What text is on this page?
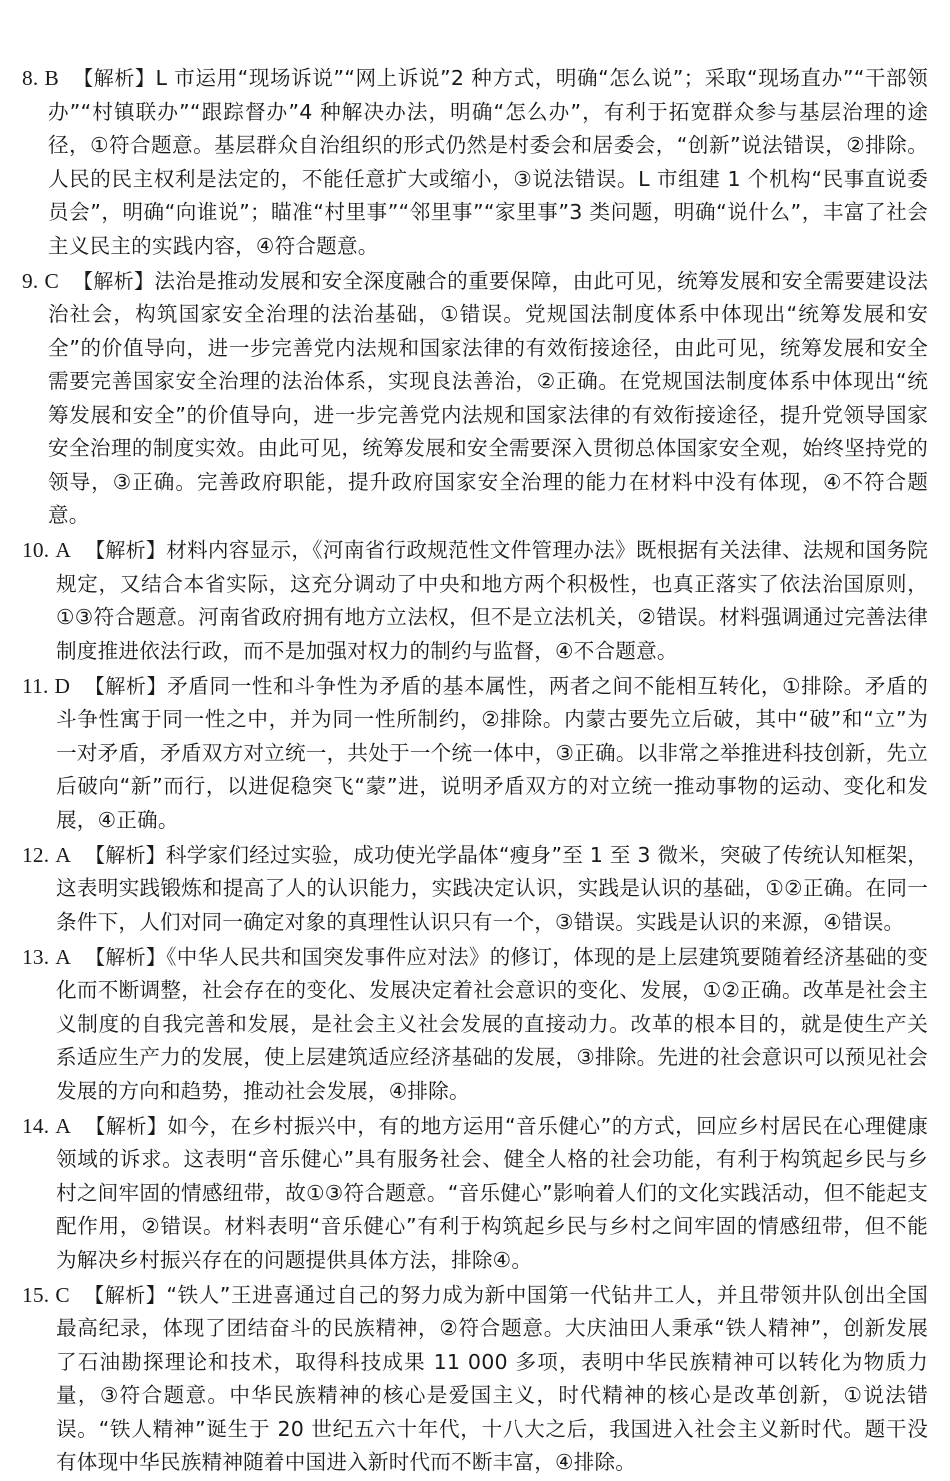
8. B 【解析】L 市运用“现场诉说”“网上诉说”2 种方式，明确“怎么说”；采取“现场直办”“干部领办”“村镇联办”“跟踪督办”4 种解决办法，明确“怎么办”，有利于拓宽群众参与基层治理的途径，①符合题意。基层群众自治组织的形式仍然是村委会和居委会，“创新”说法错误，②排除。人民的民主权利是法定的，不能任意扩大或缩小，③说法错误。L 市组建 1 个机构“民事直说委员会”，明确“向谁说”；瞄准“村里事”“邻里事”“家里事”3 类问题，明确“说什么”，丰富了社会主义民主的实践内容，④符合题意。

9. C 【解析】法治是推动发展和安全深度融合的重要保障，由此可见，统筹发展和安全需要建设法治社会，构筑国家安全治理的法治基础，①错误。党规国法制度体系中体现出“统筹发展和安全”的价值导向，进一步完善党内法规和国家法律的有效衔接途径，由此可见，统筹发展和安全需要完善国家安全治理的法治体系，实现良法善治，②正确。在党规国法制度体系中体现出“统筹发展和安全”的价值导向，进一步完善党内法规和国家法律的有效衔接途径，提升党领导国家安全治理的制度实效。由此可见，统筹发展和安全需要深入贯彻总体国家安全观，始终坚持党的领导，③正确。完善政府职能，提升政府国家安全治理的能力在材料中没有体现，④不符合题意。

10. A 【解析】材料内容显示，《河南省行政规范性文件管理办法》既根据有关法律、法规和国务院规定，又结合本省实际，这充分调动了中央和地方两个积极性，也真正落实了依法治国原则，①③符合题意。河南省政府拥有地方立法权，但不是立法机关，②错误。材料强调通过完善法律制度推进依法行政，而不是加强对权力的制约与监督，④不合题意。

11. D 【解析】矛盾同一性和斗争性为矛盾的基本属性，两者之间不能相互转化，①排除。矛盾的斗争性寓于同一性之中，并为同一性所制约，②排除。内蒙古要先立后破，其中“破”和“立”为一对矛盾，矛盾双方对立统一，共处于一个统一体中，③正确。以非常之举推进科技创新，先立后破向“新”而行，以进促稳突飞“蒙”进，说明矛盾双方的对立统一推动事物的运动、变化和发展，④正确。

12. A 【解析】科学家们经过实验，成功使光学晶体“瘦身”至 1 至 3 微米，突破了传统认知框架，这表明实践锻炼和提高了人的认识能力，实践决定认识，实践是认识的基础，①②正确。在同一条件下，人们对同一确定对象的真理性认识只有一个，③错误。实践是认识的来源，④错误。

13. A 【解析】《中华人民共和国突发事件应对法》的修订，体现的是上层建筑要随着经济基础的变化而不断调整，社会存在的变化、发展决定着社会意识的变化、发展，①②正确。改革是社会主义制度的自我完善和发展，是社会主义社会发展的直接动力。改革的根本目的，就是使生产关系适应生产力的发展，使上层建筑适应经济基础的发展，③排除。先进的社会意识可以预见社会发展的方向和趋势，推动社会发展，④排除。

14. A 【解析】如今，在乡村振兴中，有的地方运用“音乐健心”的方式，回应乡村居民在心理健康领域的诉求。这表明“音乐健心”具有服务社会、健全人格的社会功能，有利于构筑起乡民与乡村之间牢固的情感纽带，故①③符合题意。“音乐健心”影响着人们的文化实践活动，但不能起支配作用，②错误。材料表明“音乐健心”有利于构筑起乡民与乡村之间牢固的情感纽带，但不能为解决乡村振兴存在的问题提供具体方法，排除④。

15. C 【解析】“铁人”王进喜通过自己的努力成为新中国第一代钻井工人，并且带领井队创出全国最高纪录，体现了团结奋斗的民族精神，②符合题意。大庆油田人秉承“铁人精神”，创新发展了石油勘探理论和技术，取得科技成果 11 000 多项，表明中华民族精神可以转化为物质力量，③符合题意。中华民族精神的核心是爱国主义，时代精神的核心是改革创新，①说法错误。“铁人精神”诞生于 20 世纪五六十年代，十八大之后，我国进入社会主义新时代。题干没有体现中华民族精神随着中国进入新时代而不断丰富，④排除。
